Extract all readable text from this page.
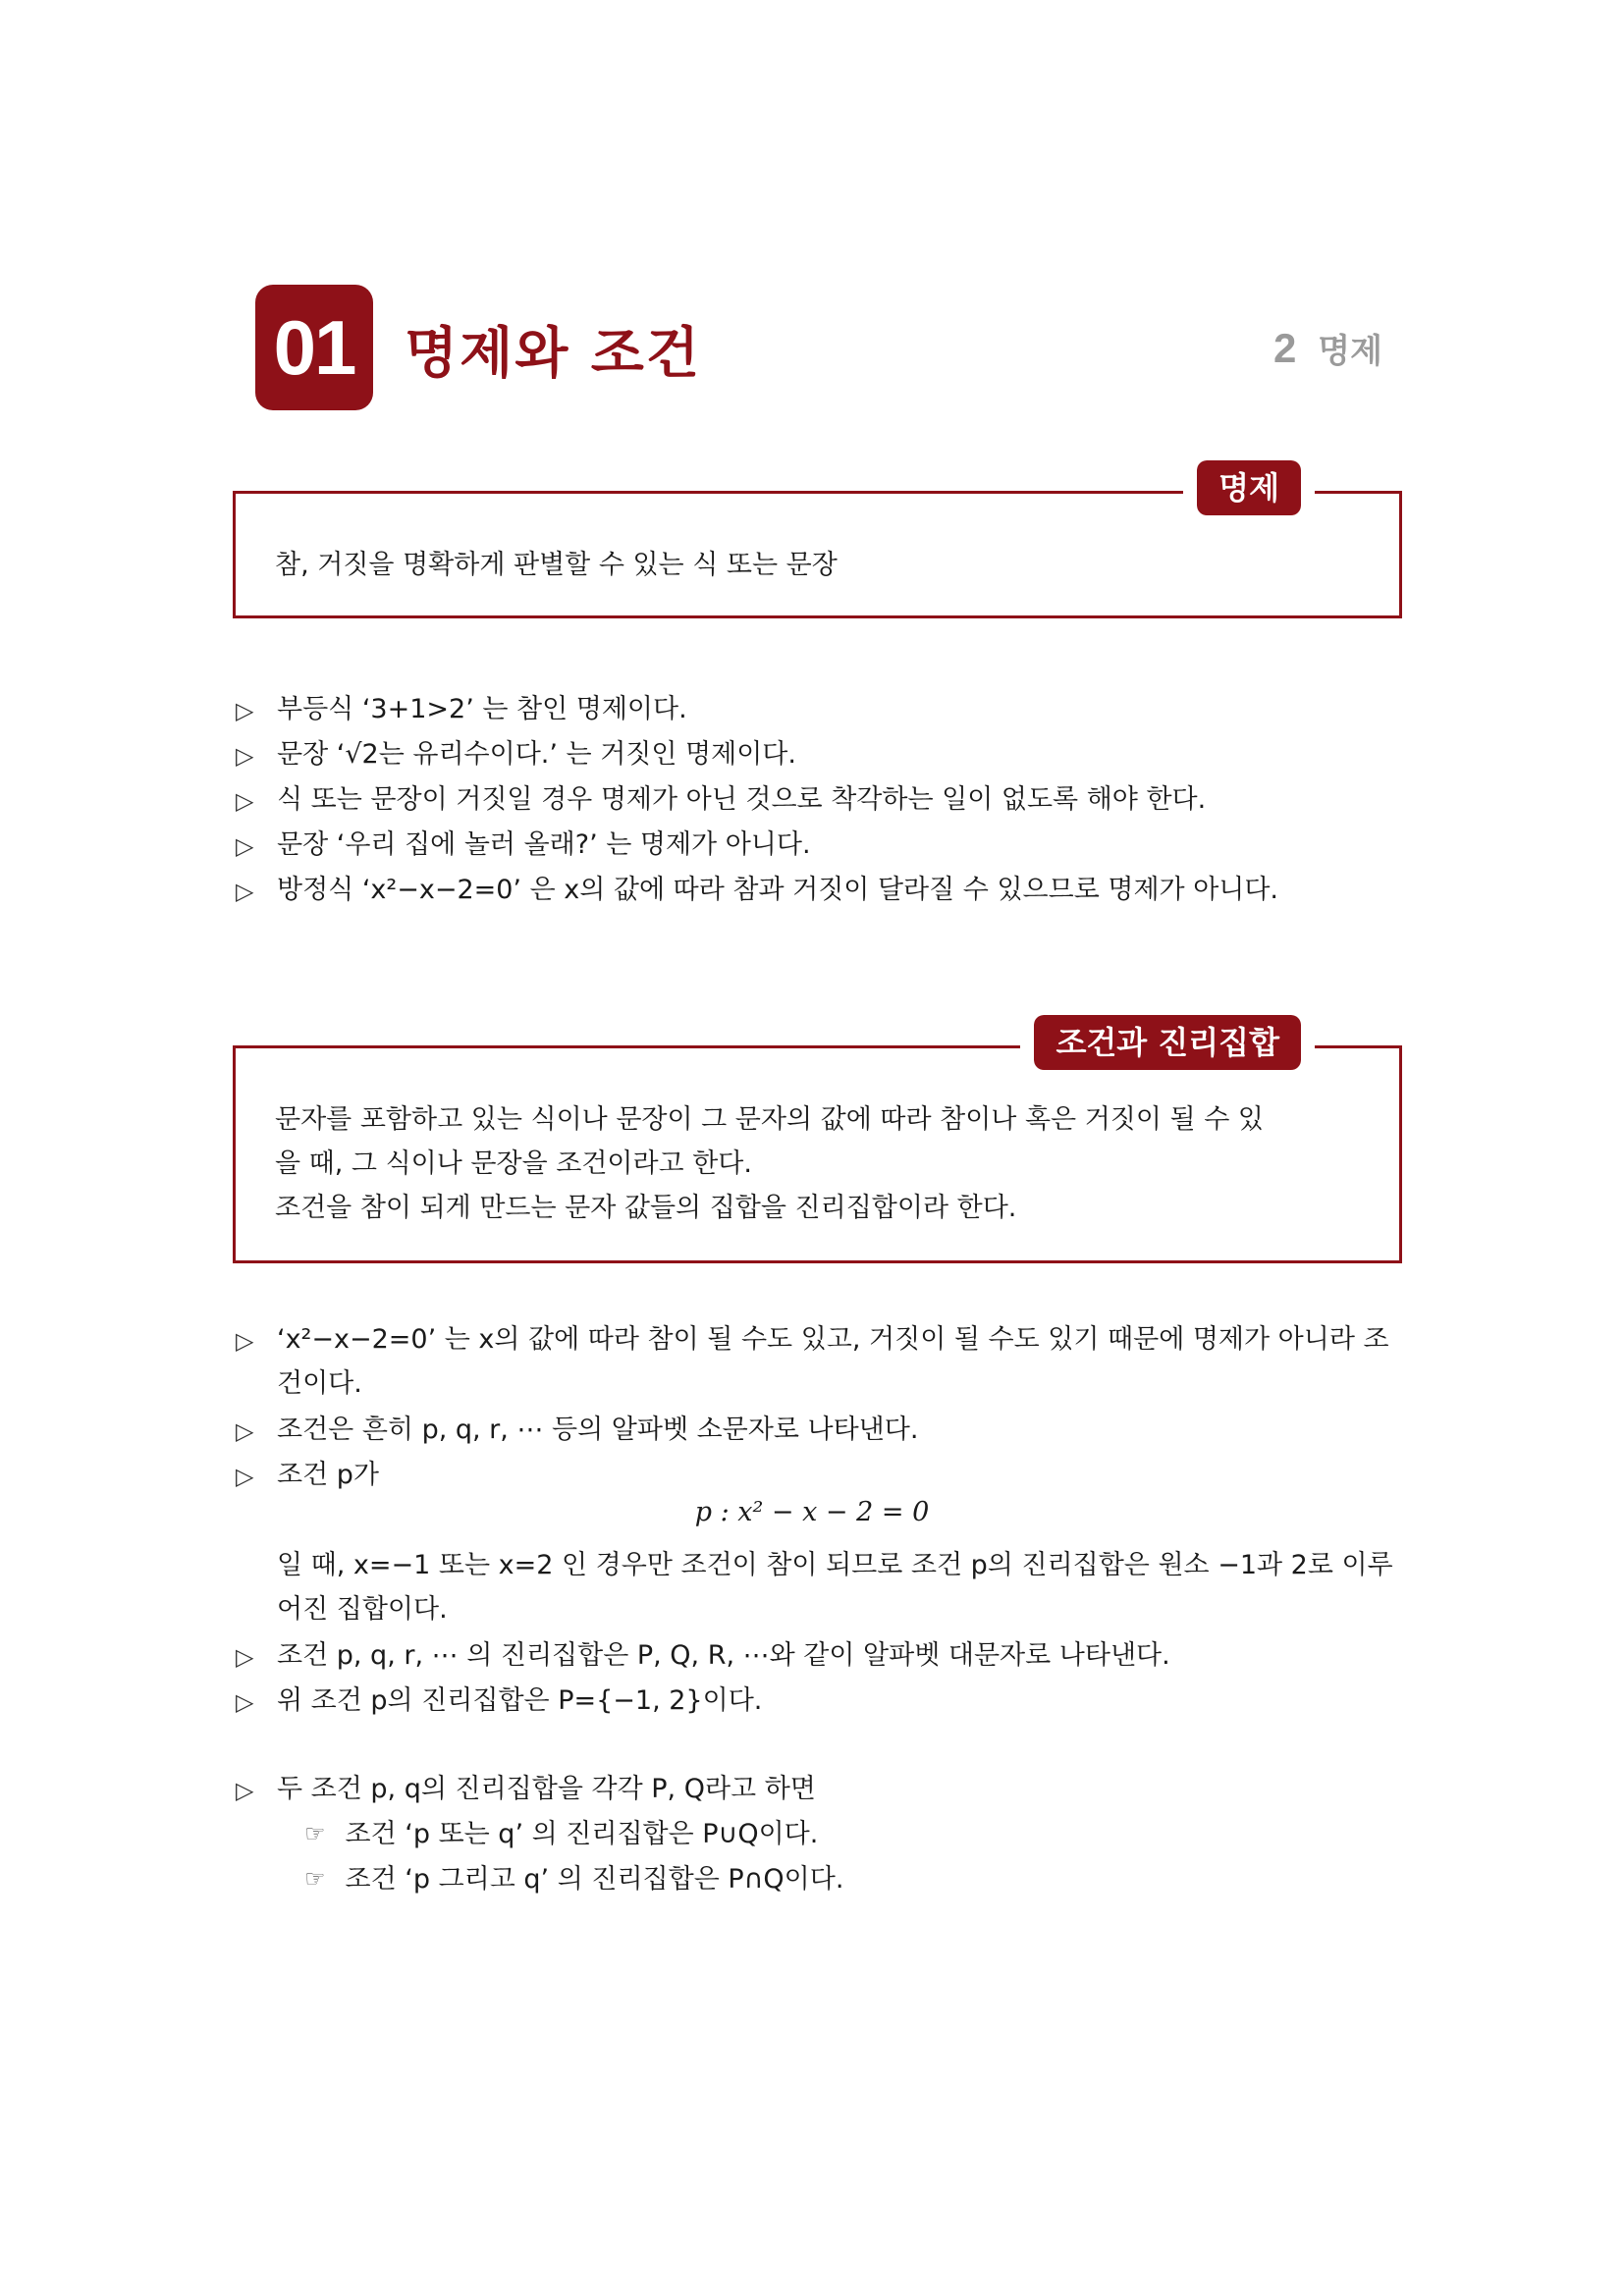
01 명제와 조건	2 명제
명제
참, 거짓을 명확하게 판별할 수 있는 식 또는 문장
▷ 부등식 ‘3+1>2’ 는 참인 명제이다.
▷ 문장 ‘√2는 유리수이다.’ 는 거짓인 명제이다.
▷ 식 또는 문장이 거짓일 경우 명제가 아닌 것으로 착각하는 일이 없도록 해야 한다.
▷ 문장 ‘우리 집에 놀러 올래?’ 는 명제가 아니다.
▷ 방정식 ‘x²−x−2=0’ 은 x의 값에 따라 참과 거짓이 달라질 수 있으므로 명제가 아니다.
조건과 진리집합
문자를 포함하고 있는 식이나 문장이 그 문자의 값에 따라 참이나 혹은 거짓이 될 수 있
을 때, 그 식이나 문장을 조건이라고 한다.
조건을 참이 되게 만드는 문자 값들의 집합을 진리집합이라 한다.
▷ ‘x²−x−2=0’ 는 x의 값에 따라 참이 될 수도 있고, 거짓이 될 수도 있기 때문에 명제가 아니라 조건이다.
▷ 조건은 흔히 p, q, r, ⋯ 등의 알파벳 소문자로 나타낸다.
▷ 조건 p가
p : x² − x − 2 = 0
일 때, x=−1 또는 x=2 인 경우만 조건이 참이 되므로 조건 p의 진리집합은 원소 −1과 2로 이루어진 집합이다.
▷ 조건 p, q, r, ⋯ 의 진리집합은 P, Q, R, ⋯와 같이 알파벳 대문자로 나타낸다.
▷ 위 조건 p의 진리집합은 P={−1, 2}이다.
▷ 두 조건 p, q의 진리집합을 각각 P, Q라고 하면
☞ 조건 ‘p 또는 q’ 의 진리집합은 P∪Q이다.
☞ 조건 ‘p 그리고 q’ 의 진리집합은 P∩Q이다.
